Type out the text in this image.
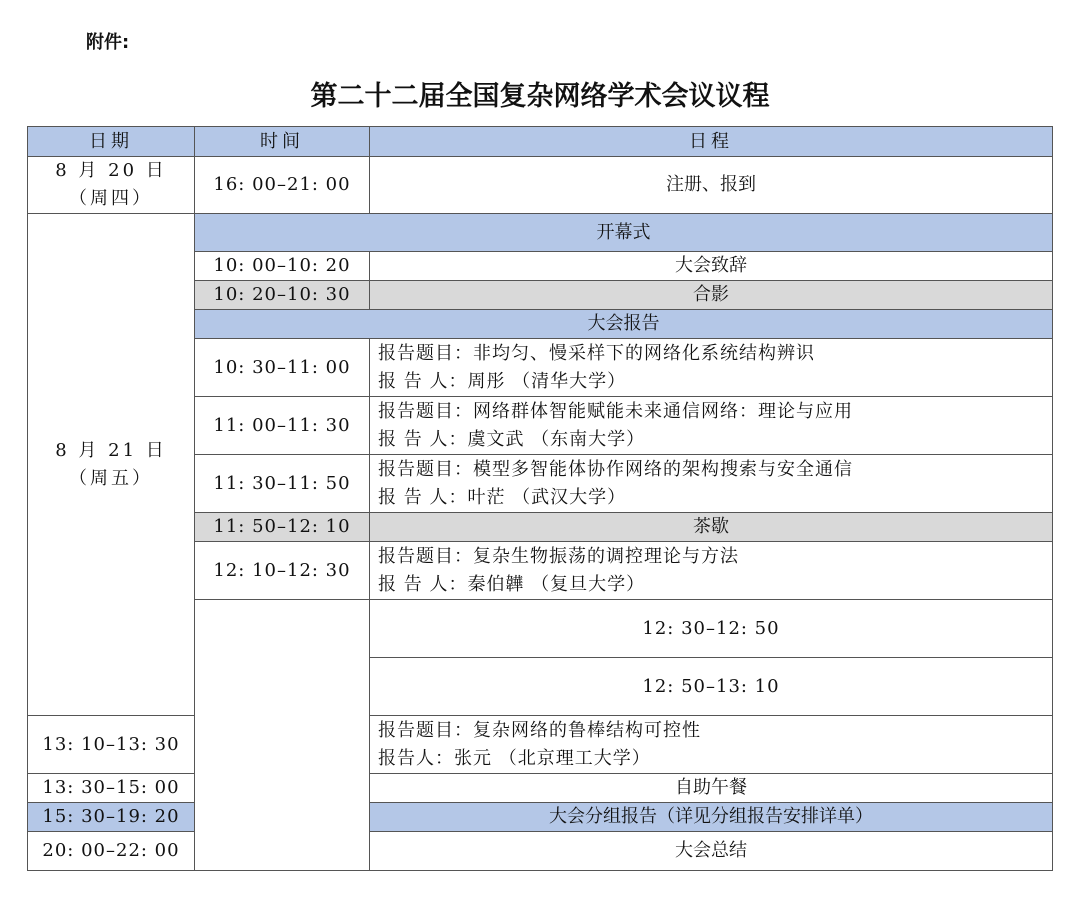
附件:
第二十二届全国复杂网络学术会议议程
日期	时间	日程	

8 月 20 日
（周四）	16: 00–21: 00	注册、报到	

8 月 21 日
（周五）	开幕式		
	10: 00–10: 20	大会致辞	
	10: 20–10: 30	合影	
	大会报告		
	10: 30–11: 00	报告题目：非均匀、慢采样下的网络化系统结构辨识
报 告 人：周彤 （清华大学）	

	11: 00–11: 30	报告题目：网络群体智能赋能未来通信网络：理论与应用
报 告 人：虞文武 （东南大学）	

	11: 30–11: 50	报告题目：模型多智能体协作网络的架构搜索与安全通信
报 告 人：叶茫 （武汉大学）	

	11: 50–12: 10	茶歇	
	12: 10–12: 30	报告题目：复杂生物振荡的调控理论与方法
报 告 人：秦伯韡 （复旦大学）	

		12: 30–12: 50	

		12: 50–13: 10	

13: 10–13: 30		报告题目：复杂网络的鲁棒结构可控性
报告人：张元 （北京理工大学）	

13: 30–15: 00		自助午餐	
15: 30–19: 20		大会分组报告（详见分组报告安排详单）	
20: 00–22: 00		大会总结	
